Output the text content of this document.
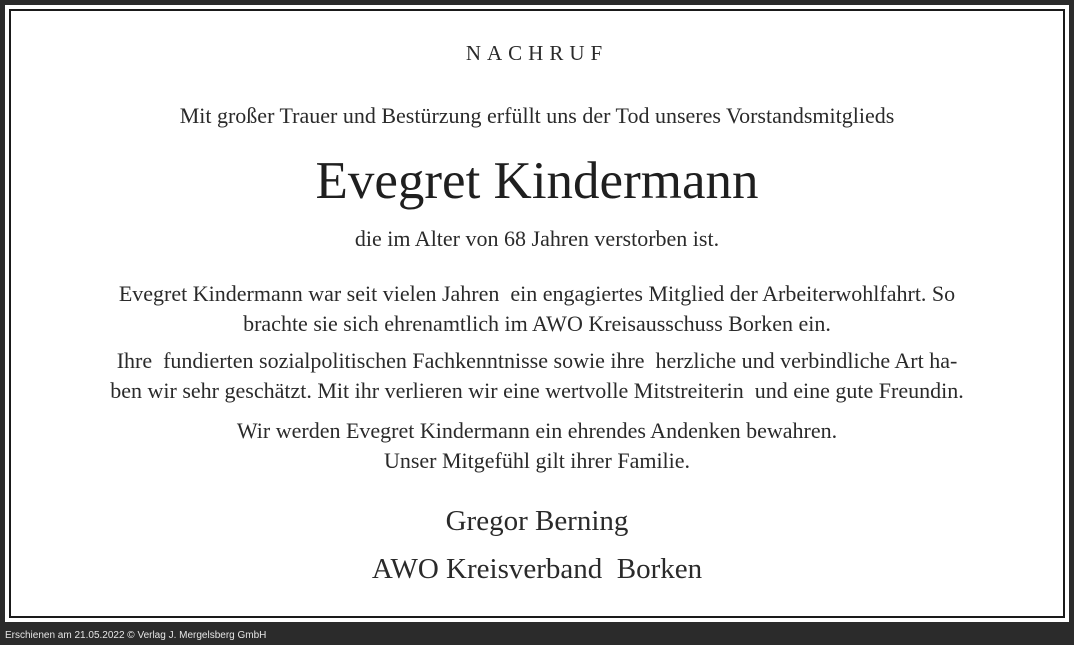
NACHRUF
Mit großer Trauer und Bestürzung erfüllt uns der Tod unseres Vorstandsmitglieds
Evegret Kindermann
die im Alter von 68 Jahren verstorben ist.
Evegret Kindermann war seit vielen Jahren  ein engagiertes Mitglied der Arbeiterwohlfahrt. So
brachte sie sich ehrenamtlich im AWO Kreisausschuss Borken ein.
Ihre  fundierten sozialpolitischen Fachkenntnisse sowie ihre  herzliche und verbindliche Art ha-
ben wir sehr geschätzt. Mit ihr verlieren wir eine wertvolle Mitstreiterin  und eine gute Freundin.
Wir werden Evegret Kindermann ein ehrendes Andenken bewahren.
Unser Mitgefühl gilt ihrer Familie.
Gregor Berning
AWO Kreisverband  Borken
Erschienen am 21.05.2022 © Verlag J. Mergelsberg GmbH
